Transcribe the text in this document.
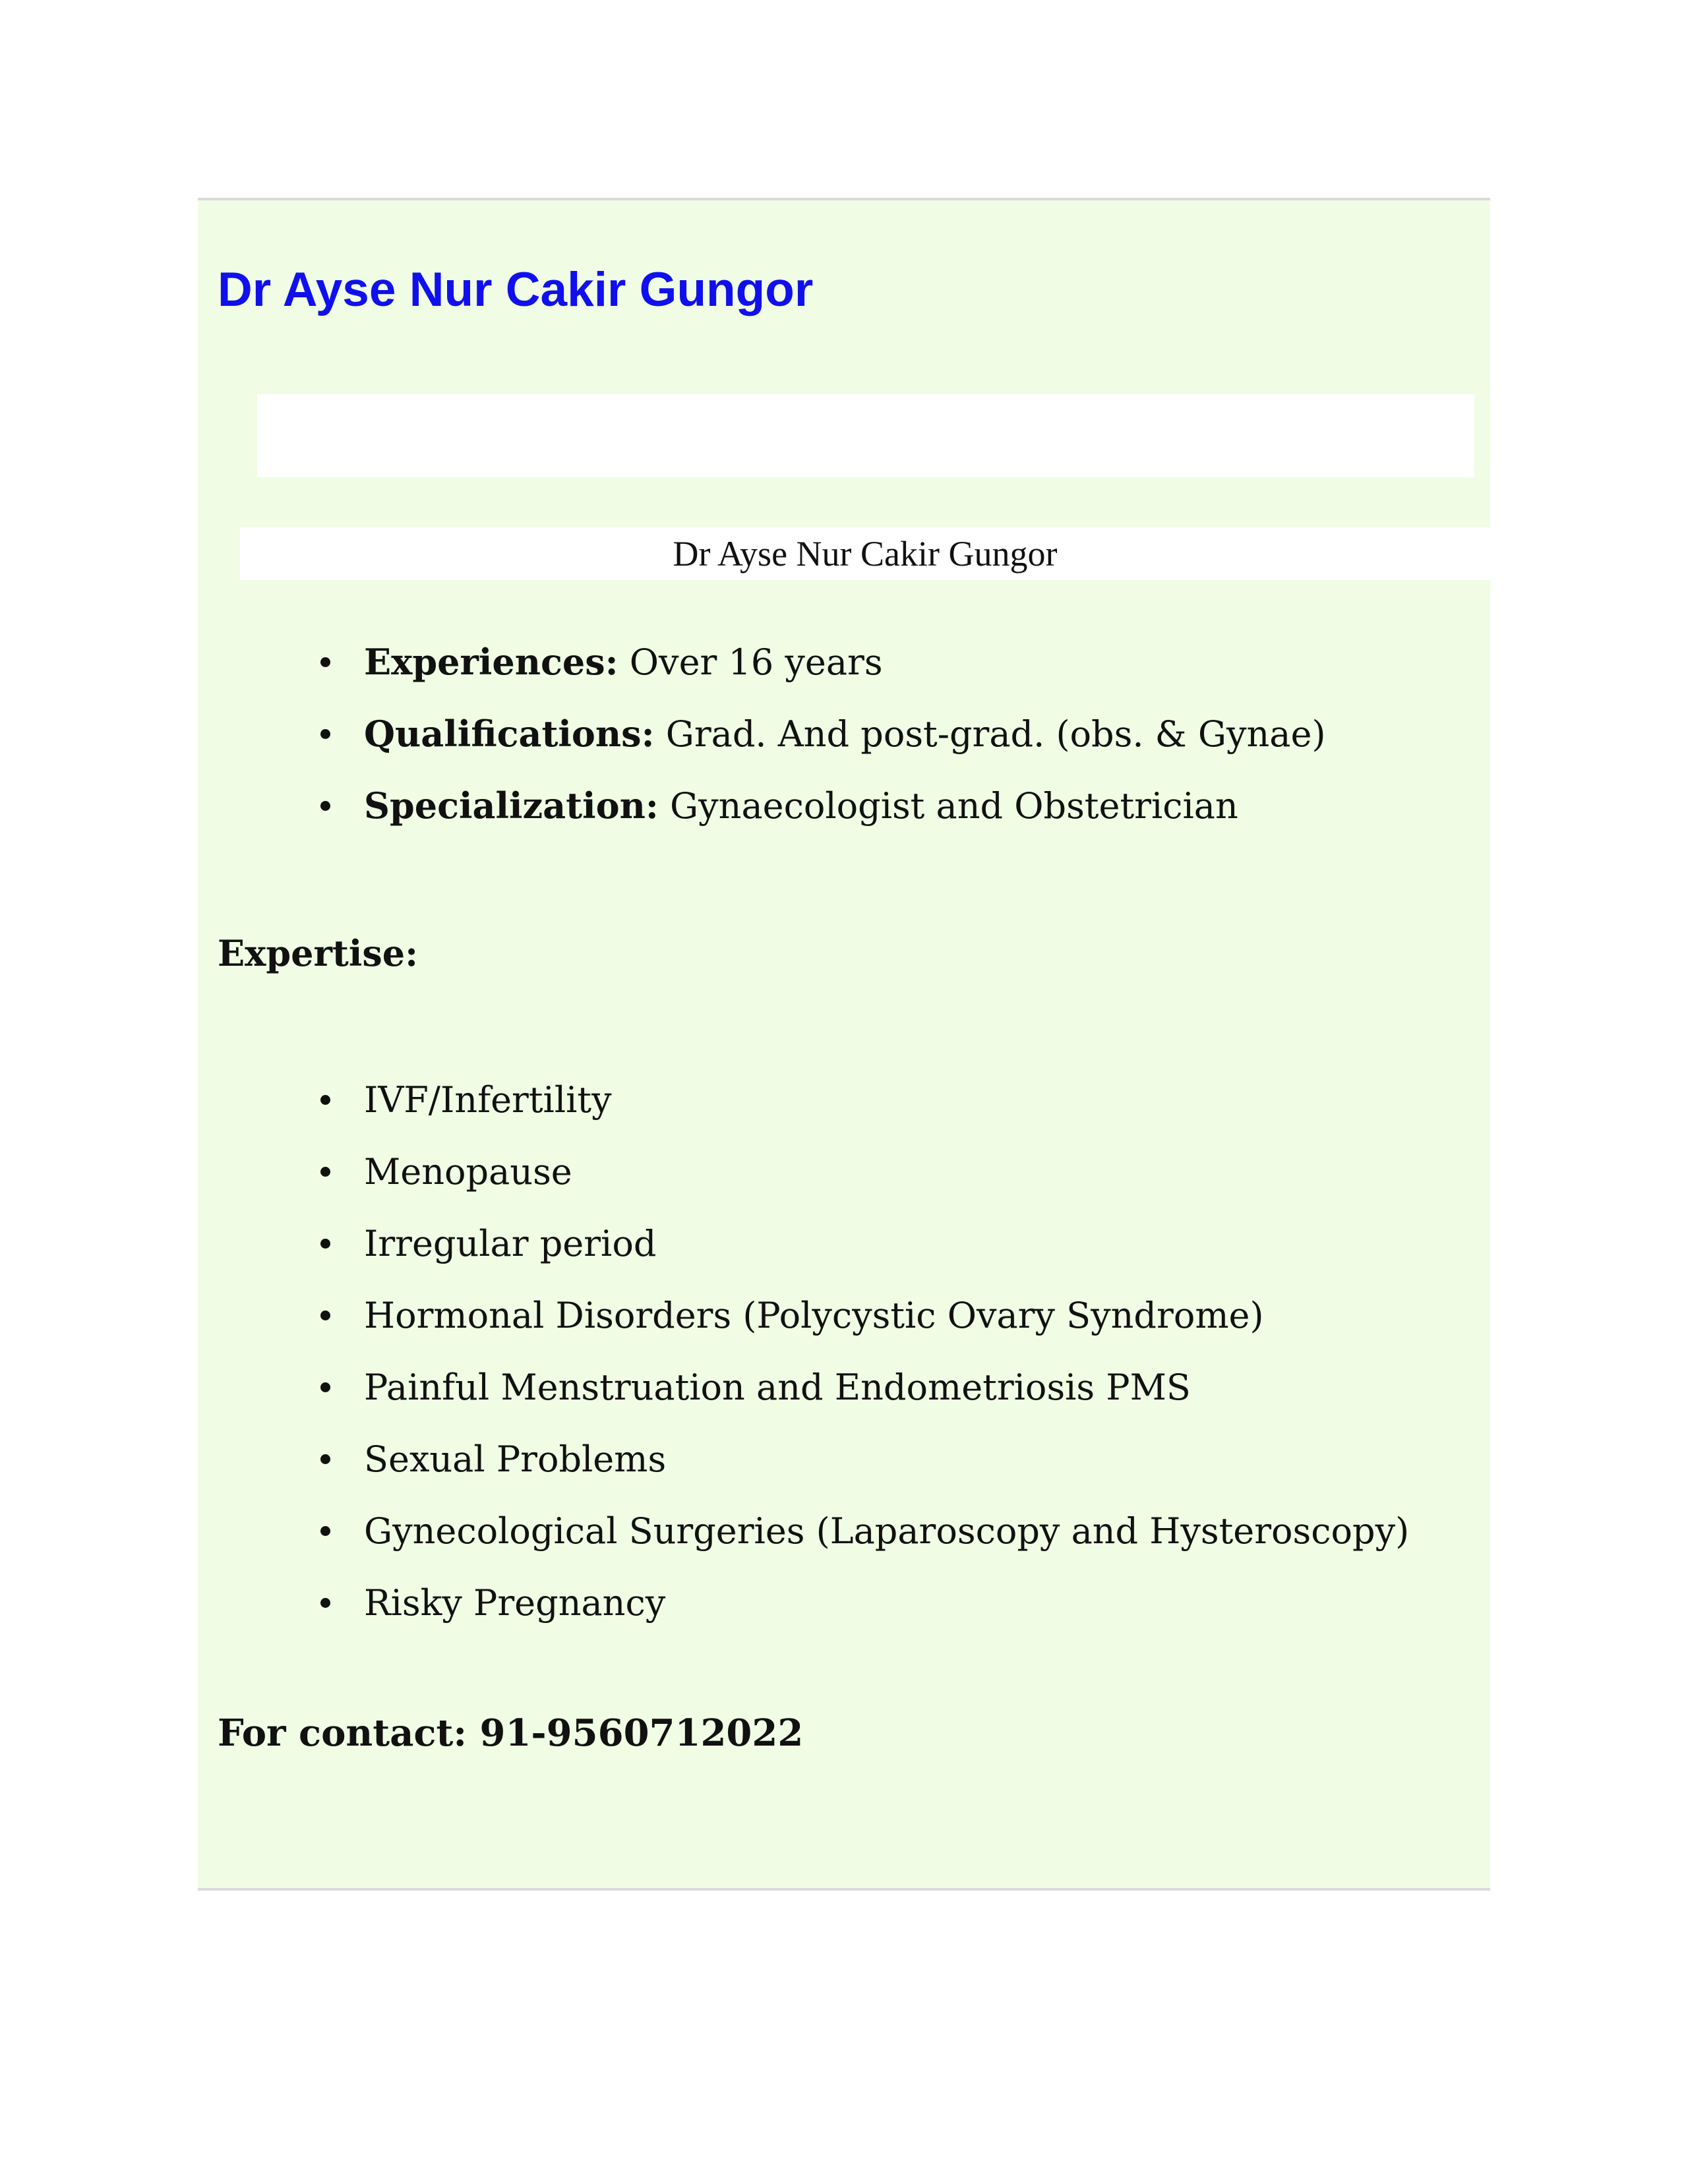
Dr Ayse Nur Cakir Gungor
Dr Ayse Nur Cakir Gungor
Experiences: Over 16 years
Qualifications: Grad. And post-grad. (obs. & Gynae)
Specialization: Gynaecologist and Obstetrician
Expertise:
IVF/Infertility
Menopause
Irregular period
Hormonal Disorders (Polycystic Ovary Syndrome)
Painful Menstruation and Endometriosis PMS
Sexual Problems
Gynecological Surgeries (Laparoscopy and Hysteroscopy)
Risky Pregnancy
For contact: 91-9560712022
